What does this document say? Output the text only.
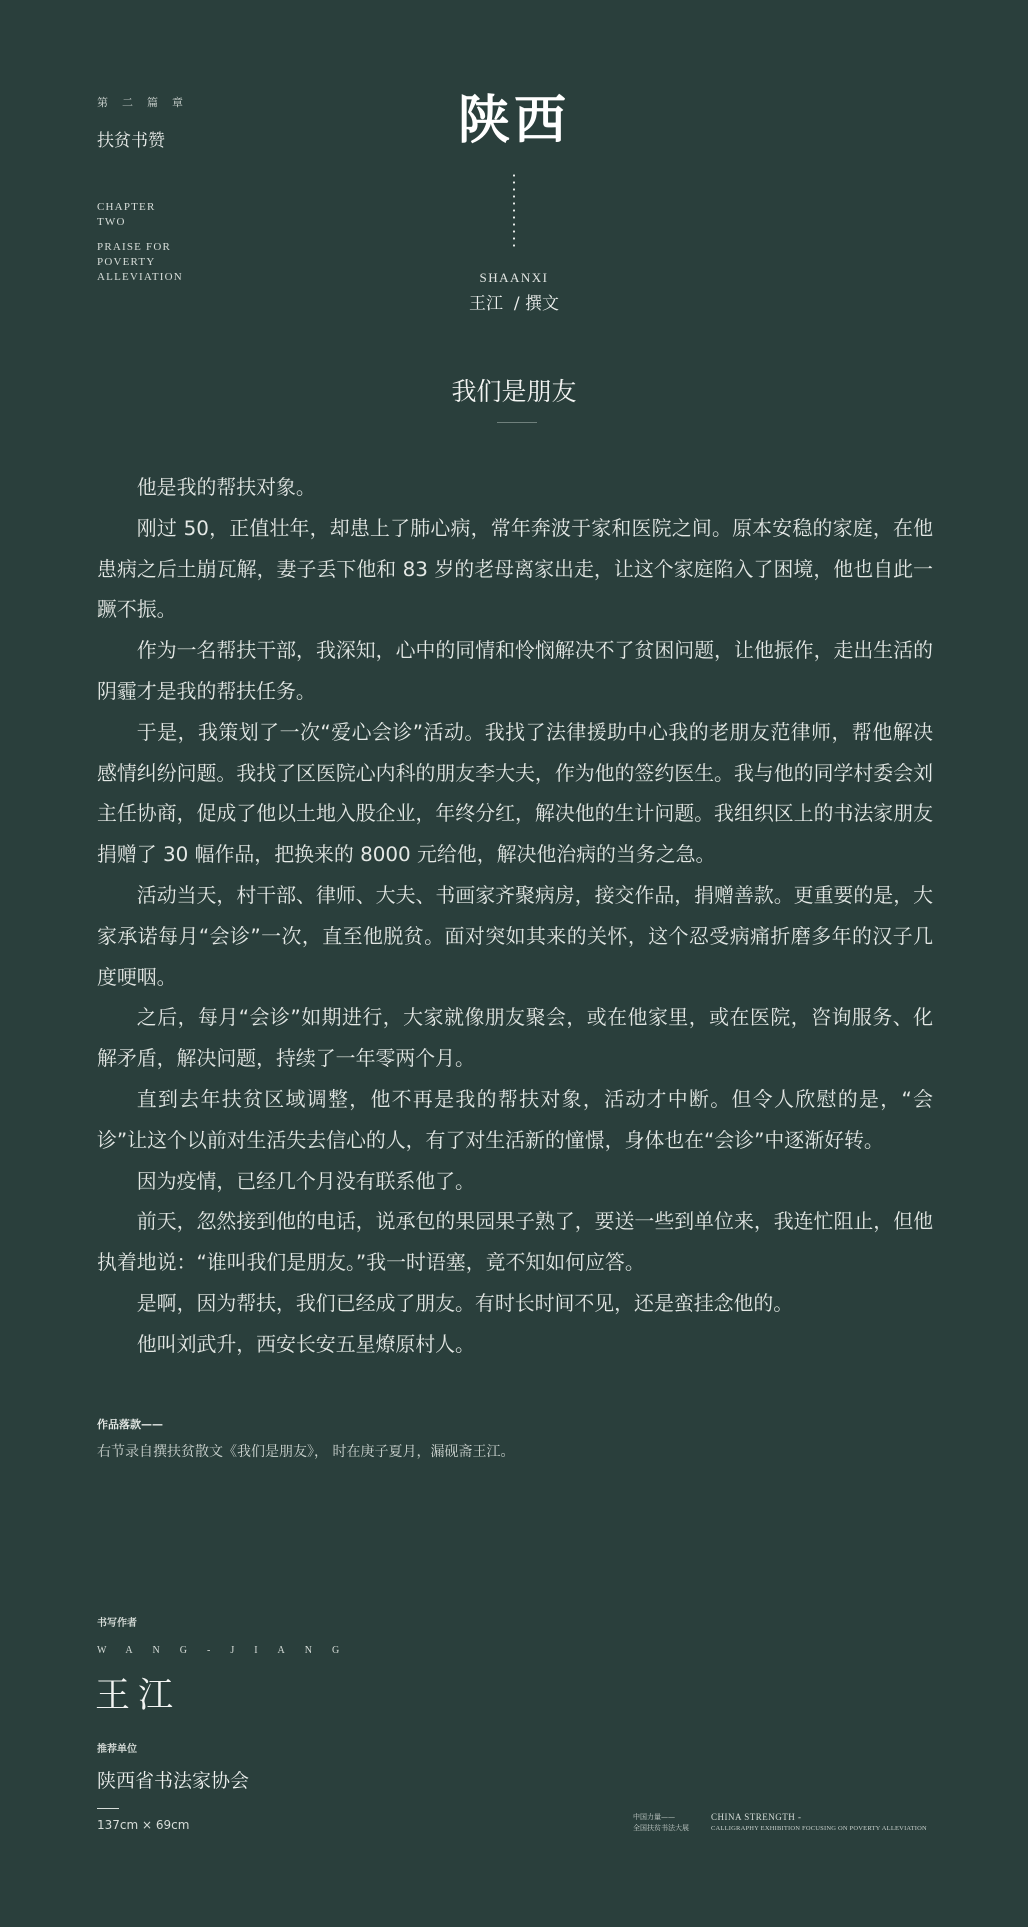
第二篇章
扶贫书赞
CHAPTER
TWO
PRAISE FOR
POVERTY
ALLEVIATION
陕西
SHAANXI
王江  / 撰文
我们是朋友

他是我的帮扶对象。

刚过 50，正值壮年，却患上了肺心病，常年奔波于家和医院之间。原本安稳的家庭，在他患病之后土崩瓦解，妻子丢下他和 83 岁的老母离家出走，让这个家庭陷入了困境，他也自此一蹶不振。

作为一名帮扶干部，我深知，心中的同情和怜悯解决不了贫困问题，让他振作，走出生活的阴霾才是我的帮扶任务。

于是，我策划了一次“爱心会诊”活动。我找了法律援助中心我的老朋友范律师，帮他解决感情纠纷问题。我找了区医院心内科的朋友李大夫，作为他的签约医生。我与他的同学村委会刘主任协商，促成了他以土地入股企业，年终分红，解决他的生计问题。我组织区上的书法家朋友捐赠了 30 幅作品，把换来的 8000 元给他，解决他治病的当务之急。

活动当天，村干部、律师、大夫、书画家齐聚病房，接交作品，捐赠善款。更重要的是，大家承诺每月“会诊”一次，直至他脱贫。面对突如其来的关怀，这个忍受病痛折磨多年的汉子几度哽咽。

之后，每月“会诊”如期进行，大家就像朋友聚会，或在他家里，或在医院，咨询服务、化解矛盾，解决问题，持续了一年零两个月。

直到去年扶贫区域调整，他不再是我的帮扶对象，活动才中断。但令人欣慰的是，“会诊”让这个以前对生活失去信心的人，有了对生活新的憧憬，身体也在“会诊”中逐渐好转。

因为疫情，已经几个月没有联系他了。

前天，忽然接到他的电话，说承包的果园果子熟了，要送一些到单位来，我连忙阻止，但他执着地说：“谁叫我们是朋友。”我一时语塞，竟不知如何应答。

是啊，因为帮扶，我们已经成了朋友。有时长时间不见，还是蛮挂念他的。

他叫刘武升，西安长安五星燎原村人。

作品落款——
右节录自撰扶贫散文《我们是朋友》， 时在庚子夏月，漏砚斋王江。
书写作者
WANG-JIANG
王江
推荐单位
陕西省书法家协会
137cm × 69cm
中国力量——
全国扶贫书法大展
CHINA STRENGTH -
CALLIGRAPHY EXHIBITION FOCUSING ON POVERTY ALLEVIATION
